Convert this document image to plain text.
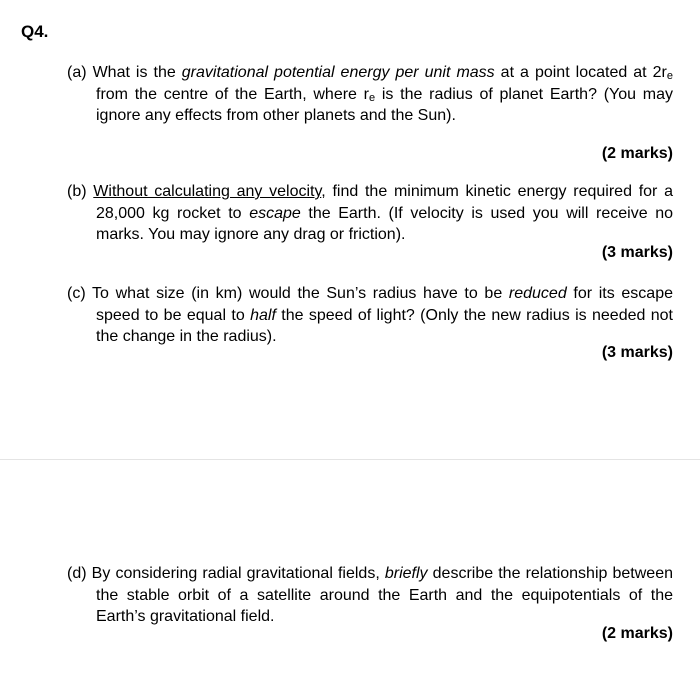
Q4.

(a) What is the gravitational potential energy per unit mass at a point located at $2r_e$ from the centre of the Earth, where $r_e$ is the radius of planet Earth? (You may ignore any effects from other planets and the Sun).

(2 marks)

(b) Without calculating any velocity, find the minimum kinetic energy required for a 28,000 kg rocket to escape the Earth. (If velocity is used you will receive no marks. You may ignore any drag or friction).

(3 marks)

(c) To what size (in km) would the Sun’s radius have to be reduced for its escape speed to be equal to half the speed of light? (Only the new radius is needed not the change in the radius).

(3 marks)

(d) By considering radial gravitational fields, briefly describe the relationship between the stable orbit of a satellite around the Earth and the equipotentials of the Earth’s gravitational field.

(2 marks)
